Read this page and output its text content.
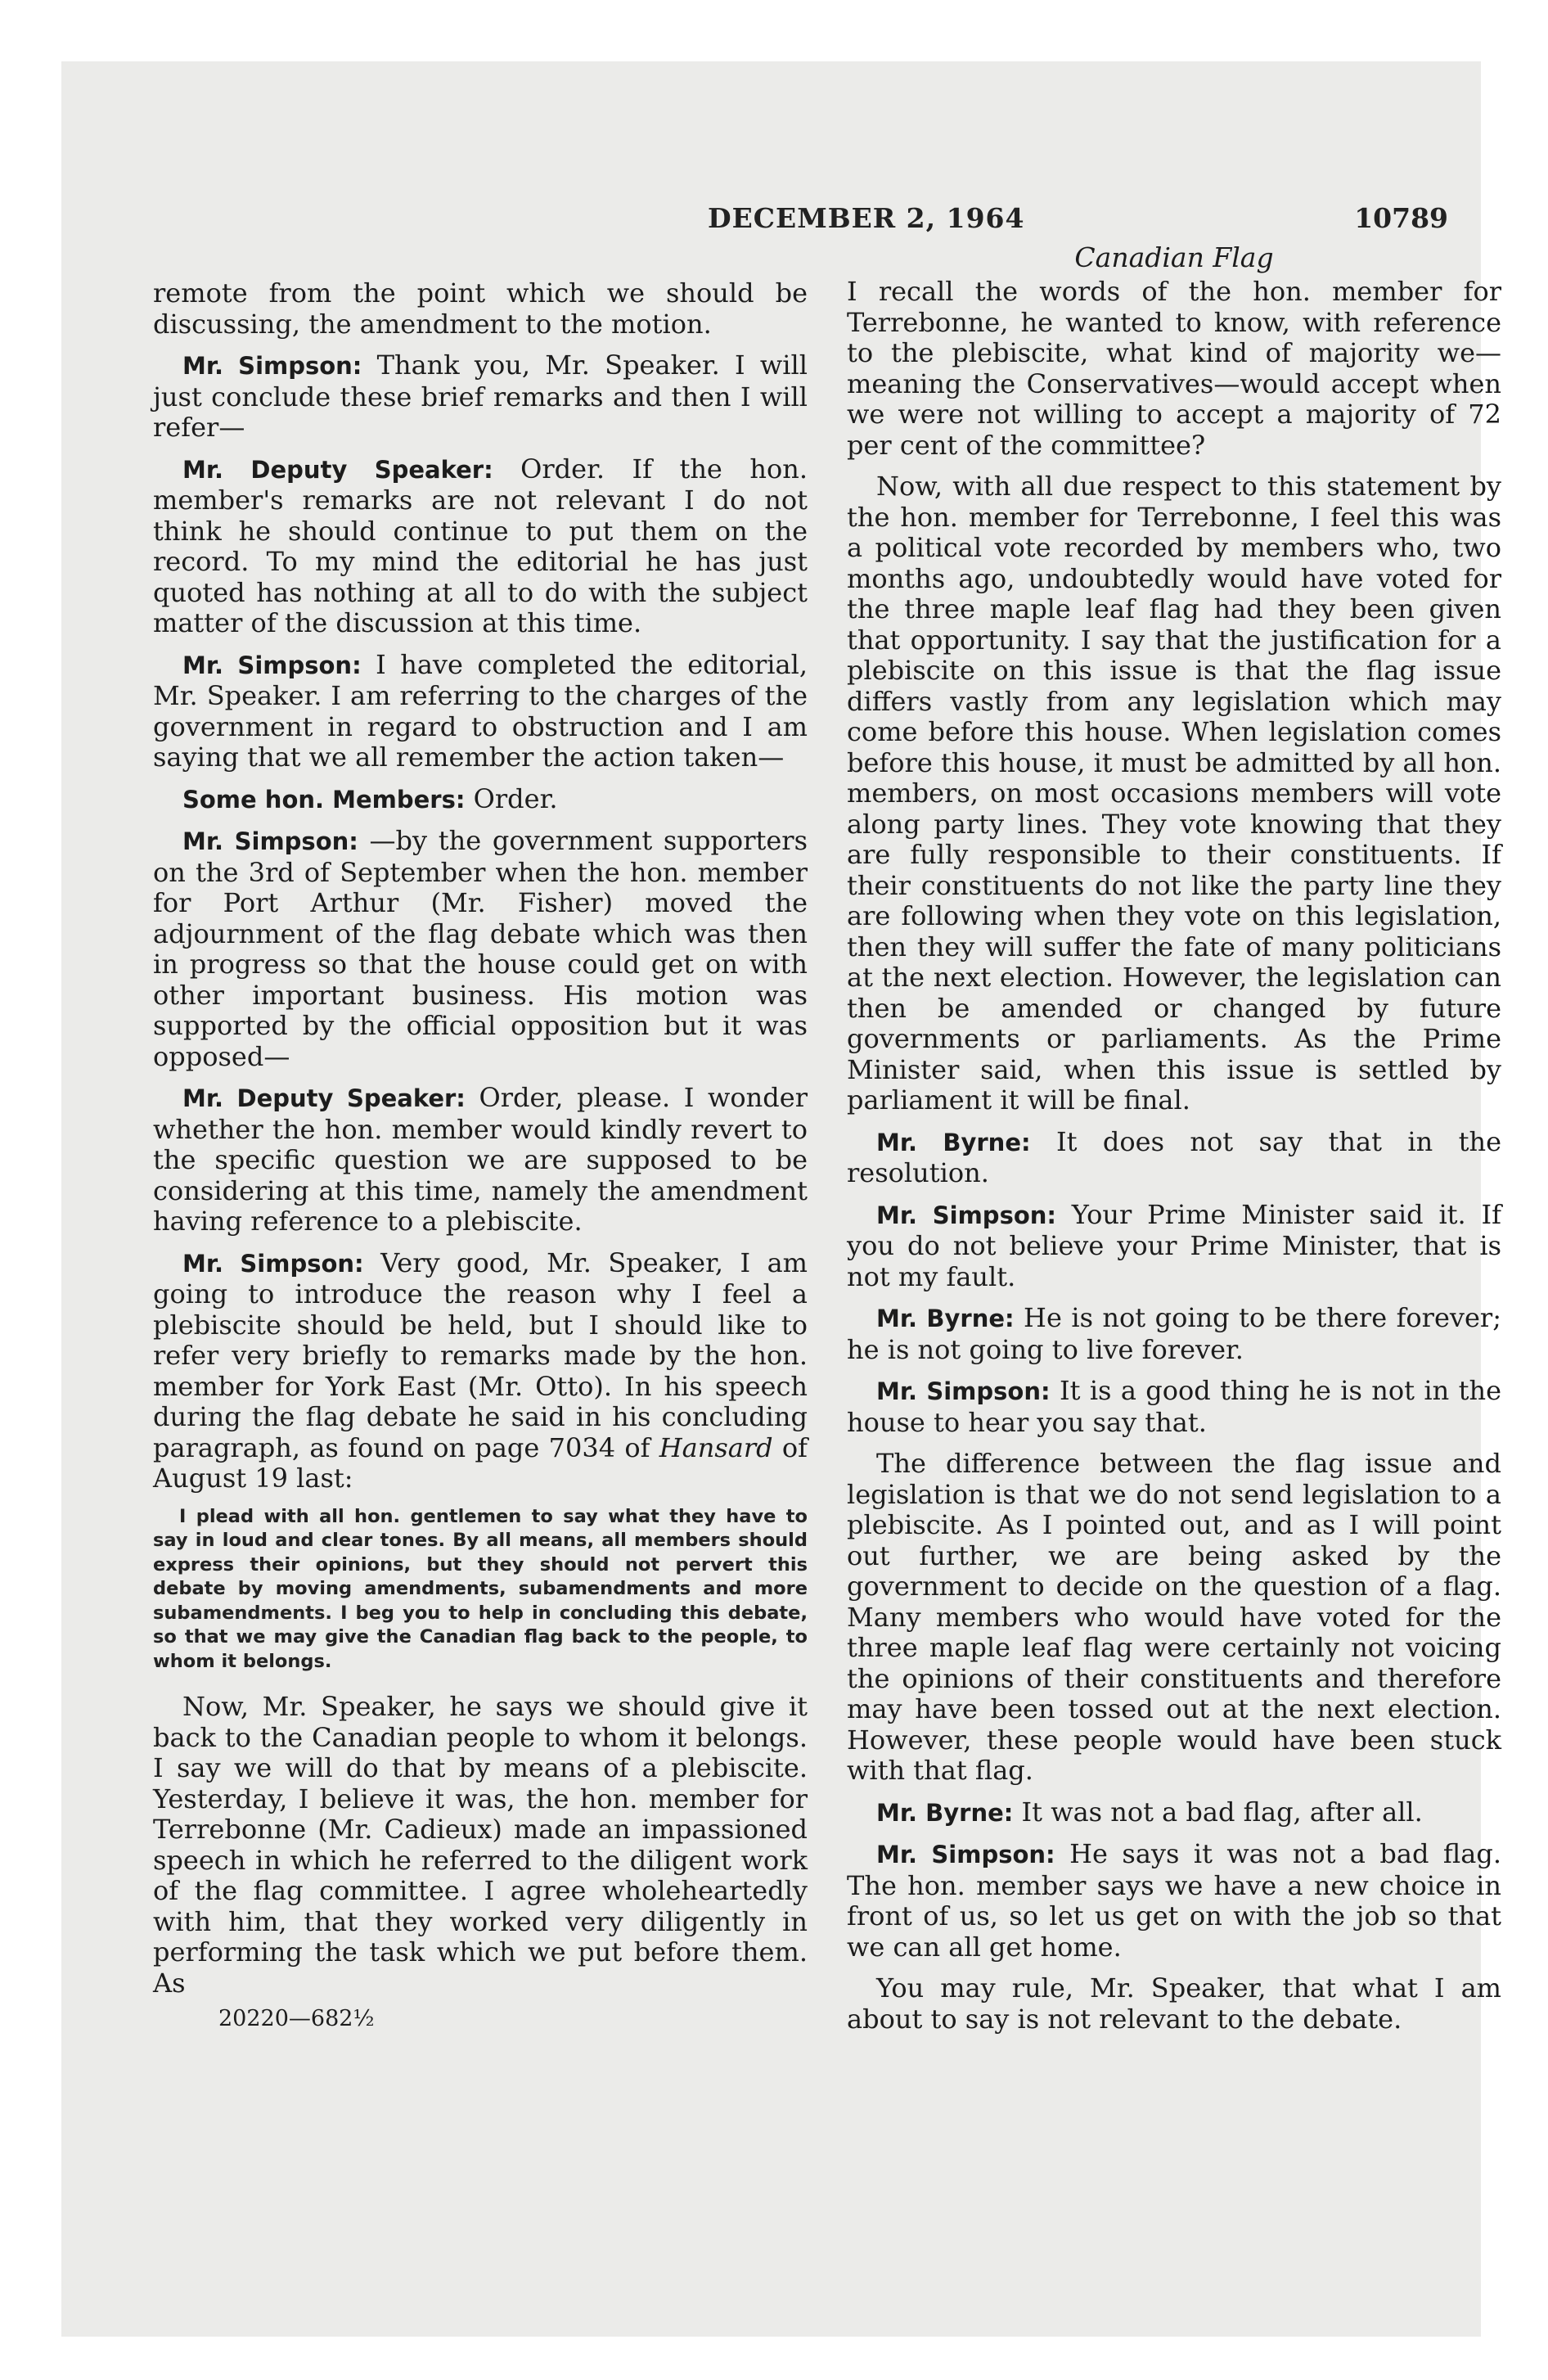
DECEMBER 2, 1964	10789

remote from the point which we should be discussing, the amendment to the motion.

Mr. Simpson: Thank you, Mr. Speaker. I will just conclude these brief remarks and then I will refer—

Mr. Deputy Speaker: Order. If the hon. member's remarks are not relevant I do not think he should continue to put them on the record. To my mind the editorial he has just quoted has nothing at all to do with the subject matter of the discussion at this time.

Mr. Simpson: I have completed the editorial, Mr. Speaker. I am referring to the charges of the government in regard to obstruction and I am saying that we all remember the action taken—

Some hon. Members: Order.

Mr. Simpson: —by the government supporters on the 3rd of September when the hon. member for Port Arthur (Mr. Fisher) moved the adjournment of the flag debate which was then in progress so that the house could get on with other important business. His motion was supported by the official opposition but it was opposed—

Mr. Deputy Speaker: Order, please. I wonder whether the hon. member would kindly revert to the specific question we are supposed to be considering at this time, namely the amendment having reference to a plebiscite.

Mr. Simpson: Very good, Mr. Speaker, I am going to introduce the reason why I feel a plebiscite should be held, but I should like to refer very briefly to remarks made by the hon. member for York East (Mr. Otto). In his speech during the flag debate he said in his concluding paragraph, as found on page 7034 of Hansard of August 19 last:

I plead with all hon. gentlemen to say what they have to say in loud and clear tones. By all means, all members should express their opinions, but they should not pervert this debate by moving amendments, subamendments and more subamendments. I beg you to help in concluding this debate, so that we may give the Canadian flag back to the people, to whom it belongs.

Now, Mr. Speaker, he says we should give it back to the Canadian people to whom it belongs. I say we will do that by means of a plebiscite. Yesterday, I believe it was, the hon. member for Terrebonne (Mr. Cadieux) made an impassioned speech in which he referred to the diligent work of the flag committee. I agree wholeheartedly with him, that they worked very diligently in performing the task which we put before them. As

20220—682½
Canadian Flag

I recall the words of the hon. member for Terrebonne, he wanted to know, with reference to the plebiscite, what kind of majority we—meaning the Conservatives—would accept when we were not willing to accept a majority of 72 per cent of the committee?

Now, with all due respect to this statement by the hon. member for Terrebonne, I feel this was a political vote recorded by members who, two months ago, undoubtedly would have voted for the three maple leaf flag had they been given that opportunity. I say that the justification for a plebiscite on this issue is that the flag issue differs vastly from any legislation which may come before this house. When legislation comes before this house, it must be admitted by all hon. members, on most occasions members will vote along party lines. They vote knowing that they are fully responsible to their constituents. If their constituents do not like the party line they are following when they vote on this legislation, then they will suffer the fate of many politicians at the next election. However, the legislation can then be amended or changed by future governments or parliaments. As the Prime Minister said, when this issue is settled by parliament it will be final.

Mr. Byrne: It does not say that in the resolution.

Mr. Simpson: Your Prime Minister said it. If you do not believe your Prime Minister, that is not my fault.

Mr. Byrne: He is not going to be there forever; he is not going to live forever.

Mr. Simpson: It is a good thing he is not in the house to hear you say that.

The difference between the flag issue and legislation is that we do not send legislation to a plebiscite. As I pointed out, and as I will point out further, we are being asked by the government to decide on the question of a flag. Many members who would have voted for the three maple leaf flag were certainly not voicing the opinions of their constituents and therefore may have been tossed out at the next election. However, these people would have been stuck with that flag.

Mr. Byrne: It was not a bad flag, after all.

Mr. Simpson: He says it was not a bad flag. The hon. member says we have a new choice in front of us, so let us get on with the job so that we can all get home.

You may rule, Mr. Speaker, that what I am about to say is not relevant to the debate.
